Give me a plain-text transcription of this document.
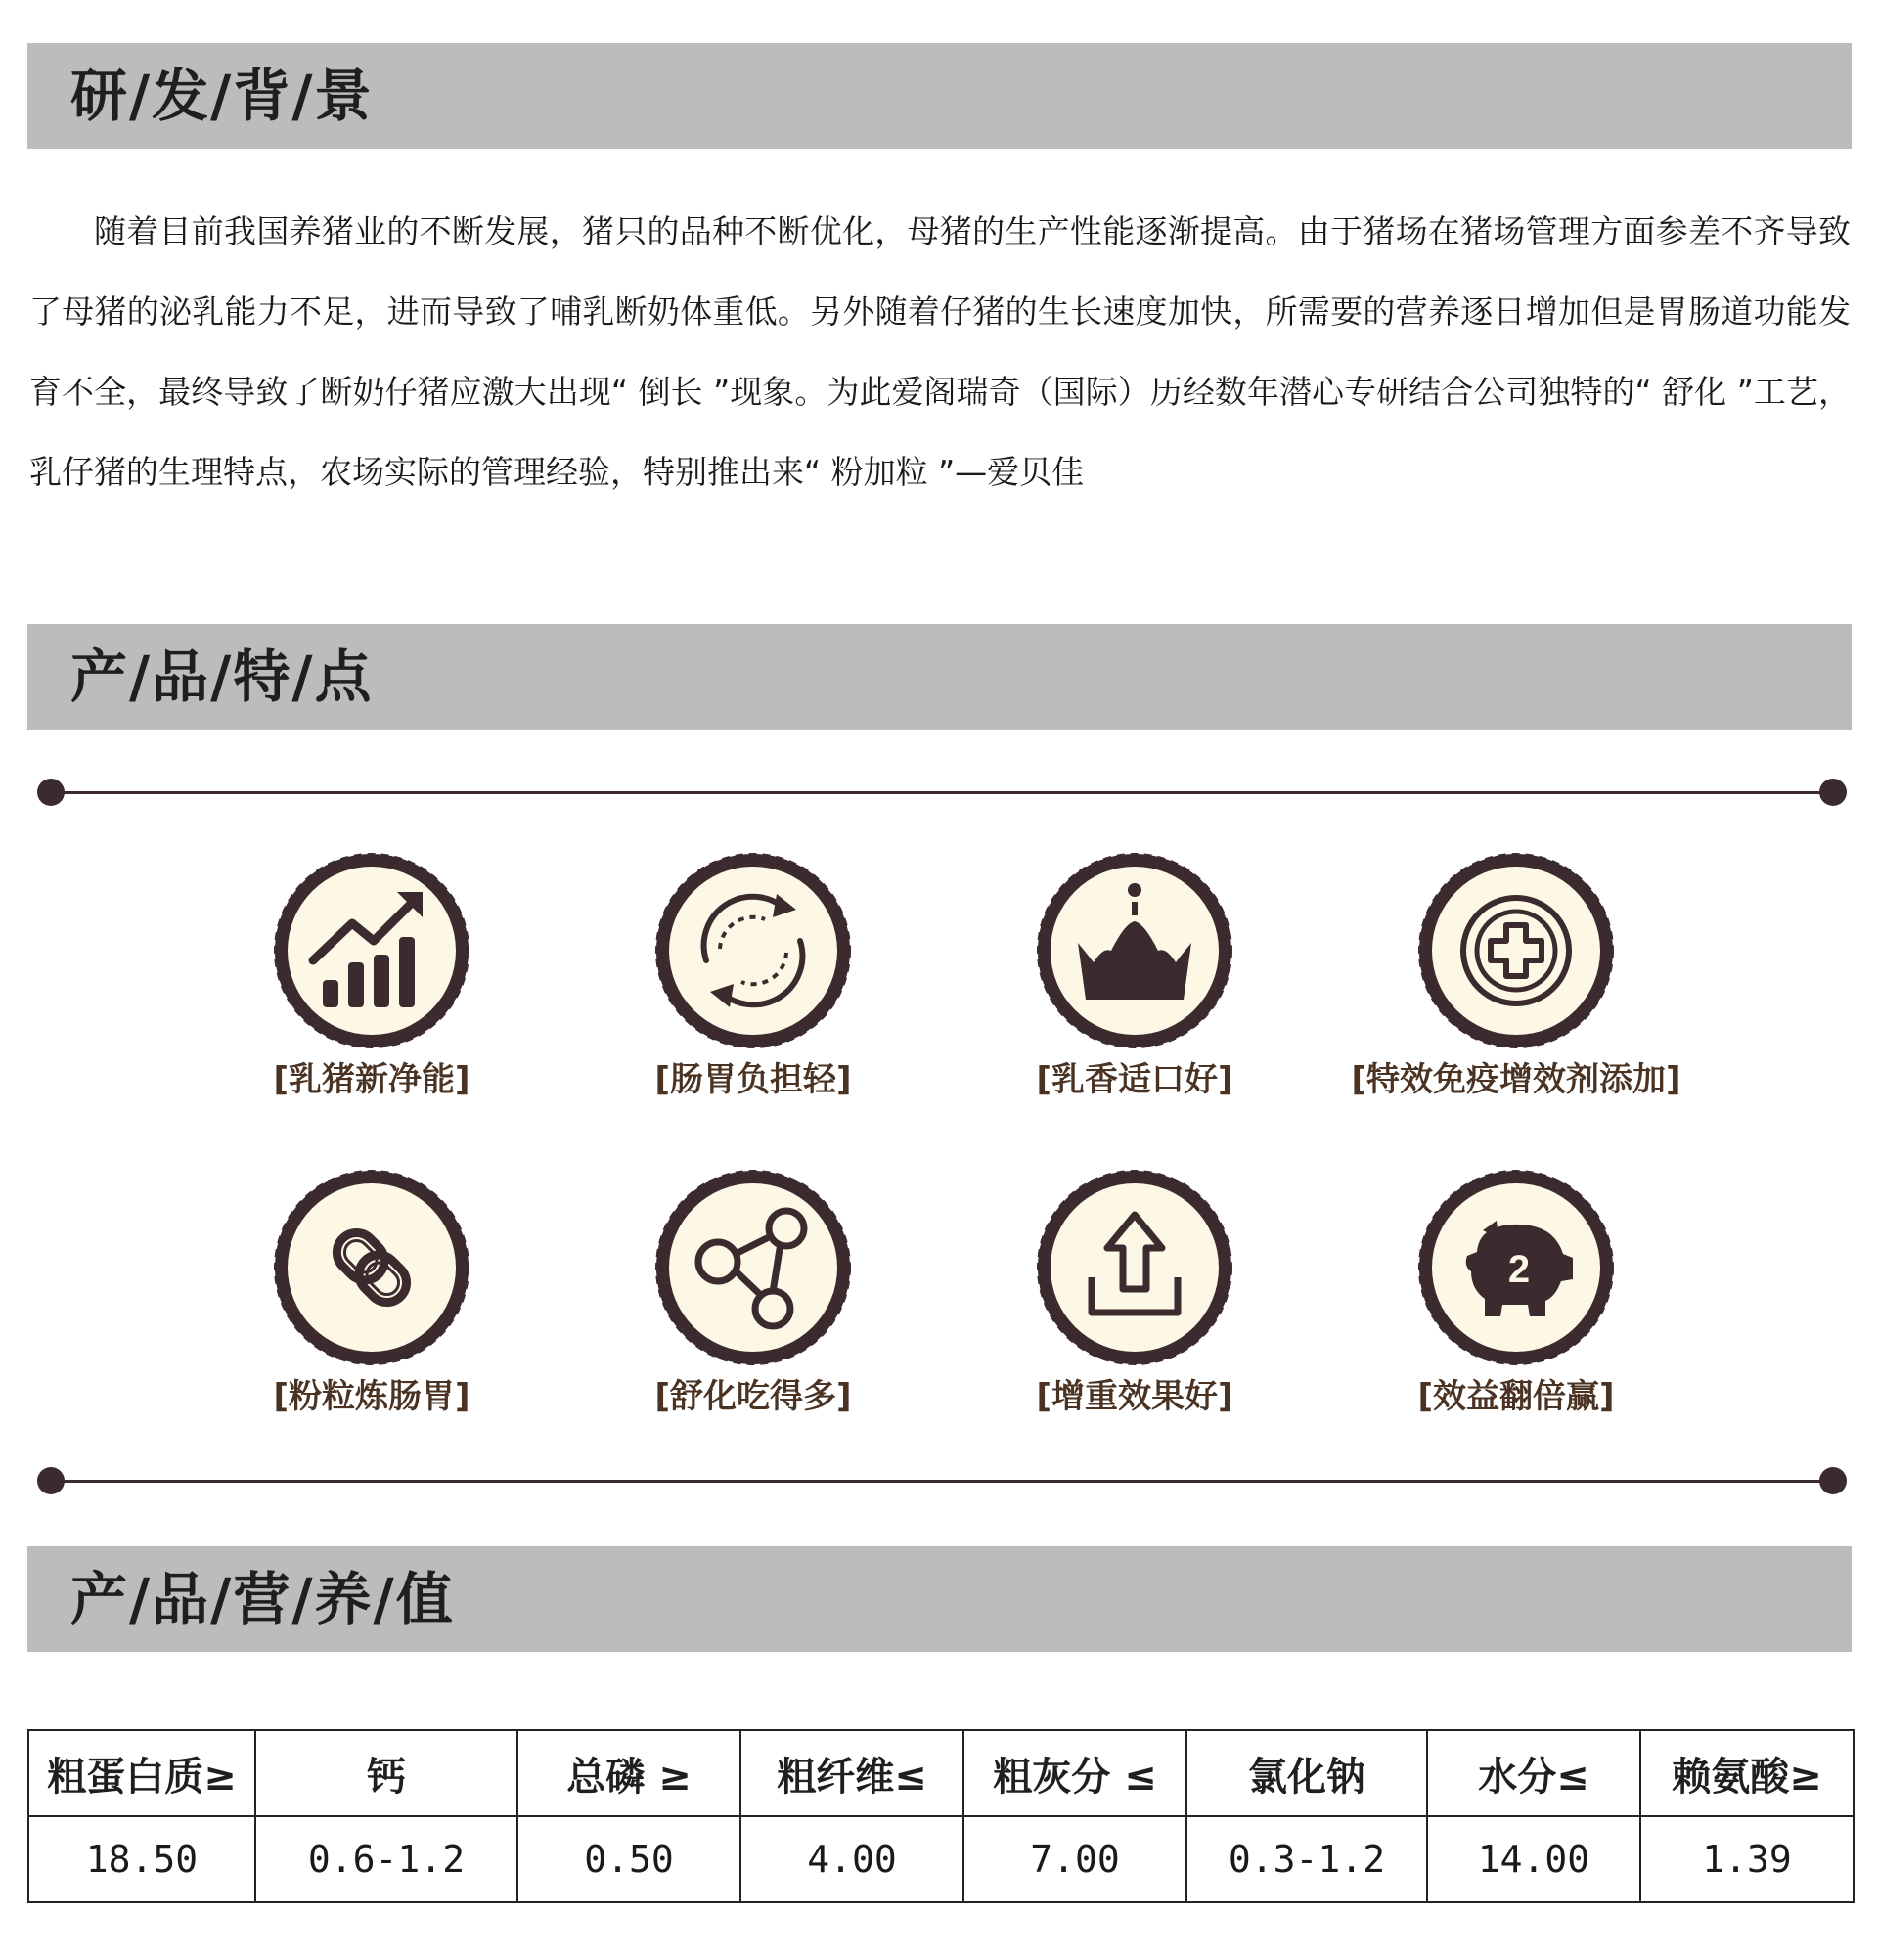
研/发/背/景

随着目前我国养猪业的不断发展，猪只的品种不断优化，母猪的生产性能逐渐提高。由于猪场在猪场管理方面参差不齐导致了母猪的泌乳能力不足，进而导致了哺乳断奶体重低。另外随着仔猪的生长速度加快，所需要的营养逐日增加但是胃肠道功能发育不全，最终导致了断奶仔猪应激大出现“ 倒长 ”现象。为此爱阁瑞奇（国际）历经数年潜心专研结合公司独特的“ 舒化 ”工艺，乳仔猪的生理特点，农场实际的管理经验，特别推出来“ 粉加粒 ”—爱贝佳

产/品/特/点
[乳猪新净能]	[肠胃负担轻]	[乳香适口好]	[特效免疫增效剂添加]
[粉粒炼肠胃]	[舒化吃得多]	[增重效果好]
2
[效益翻倍赢]
产/品/营/养/值
粗蛋白质≥	钙	总磷 ≥	粗纤维≤	粗灰分 ≤	氯化钠	水分≤	赖氨酸≥
18.50	0.6-1.2	0.50	4.00	7.00	0.3-1.2	14.00	1.39
